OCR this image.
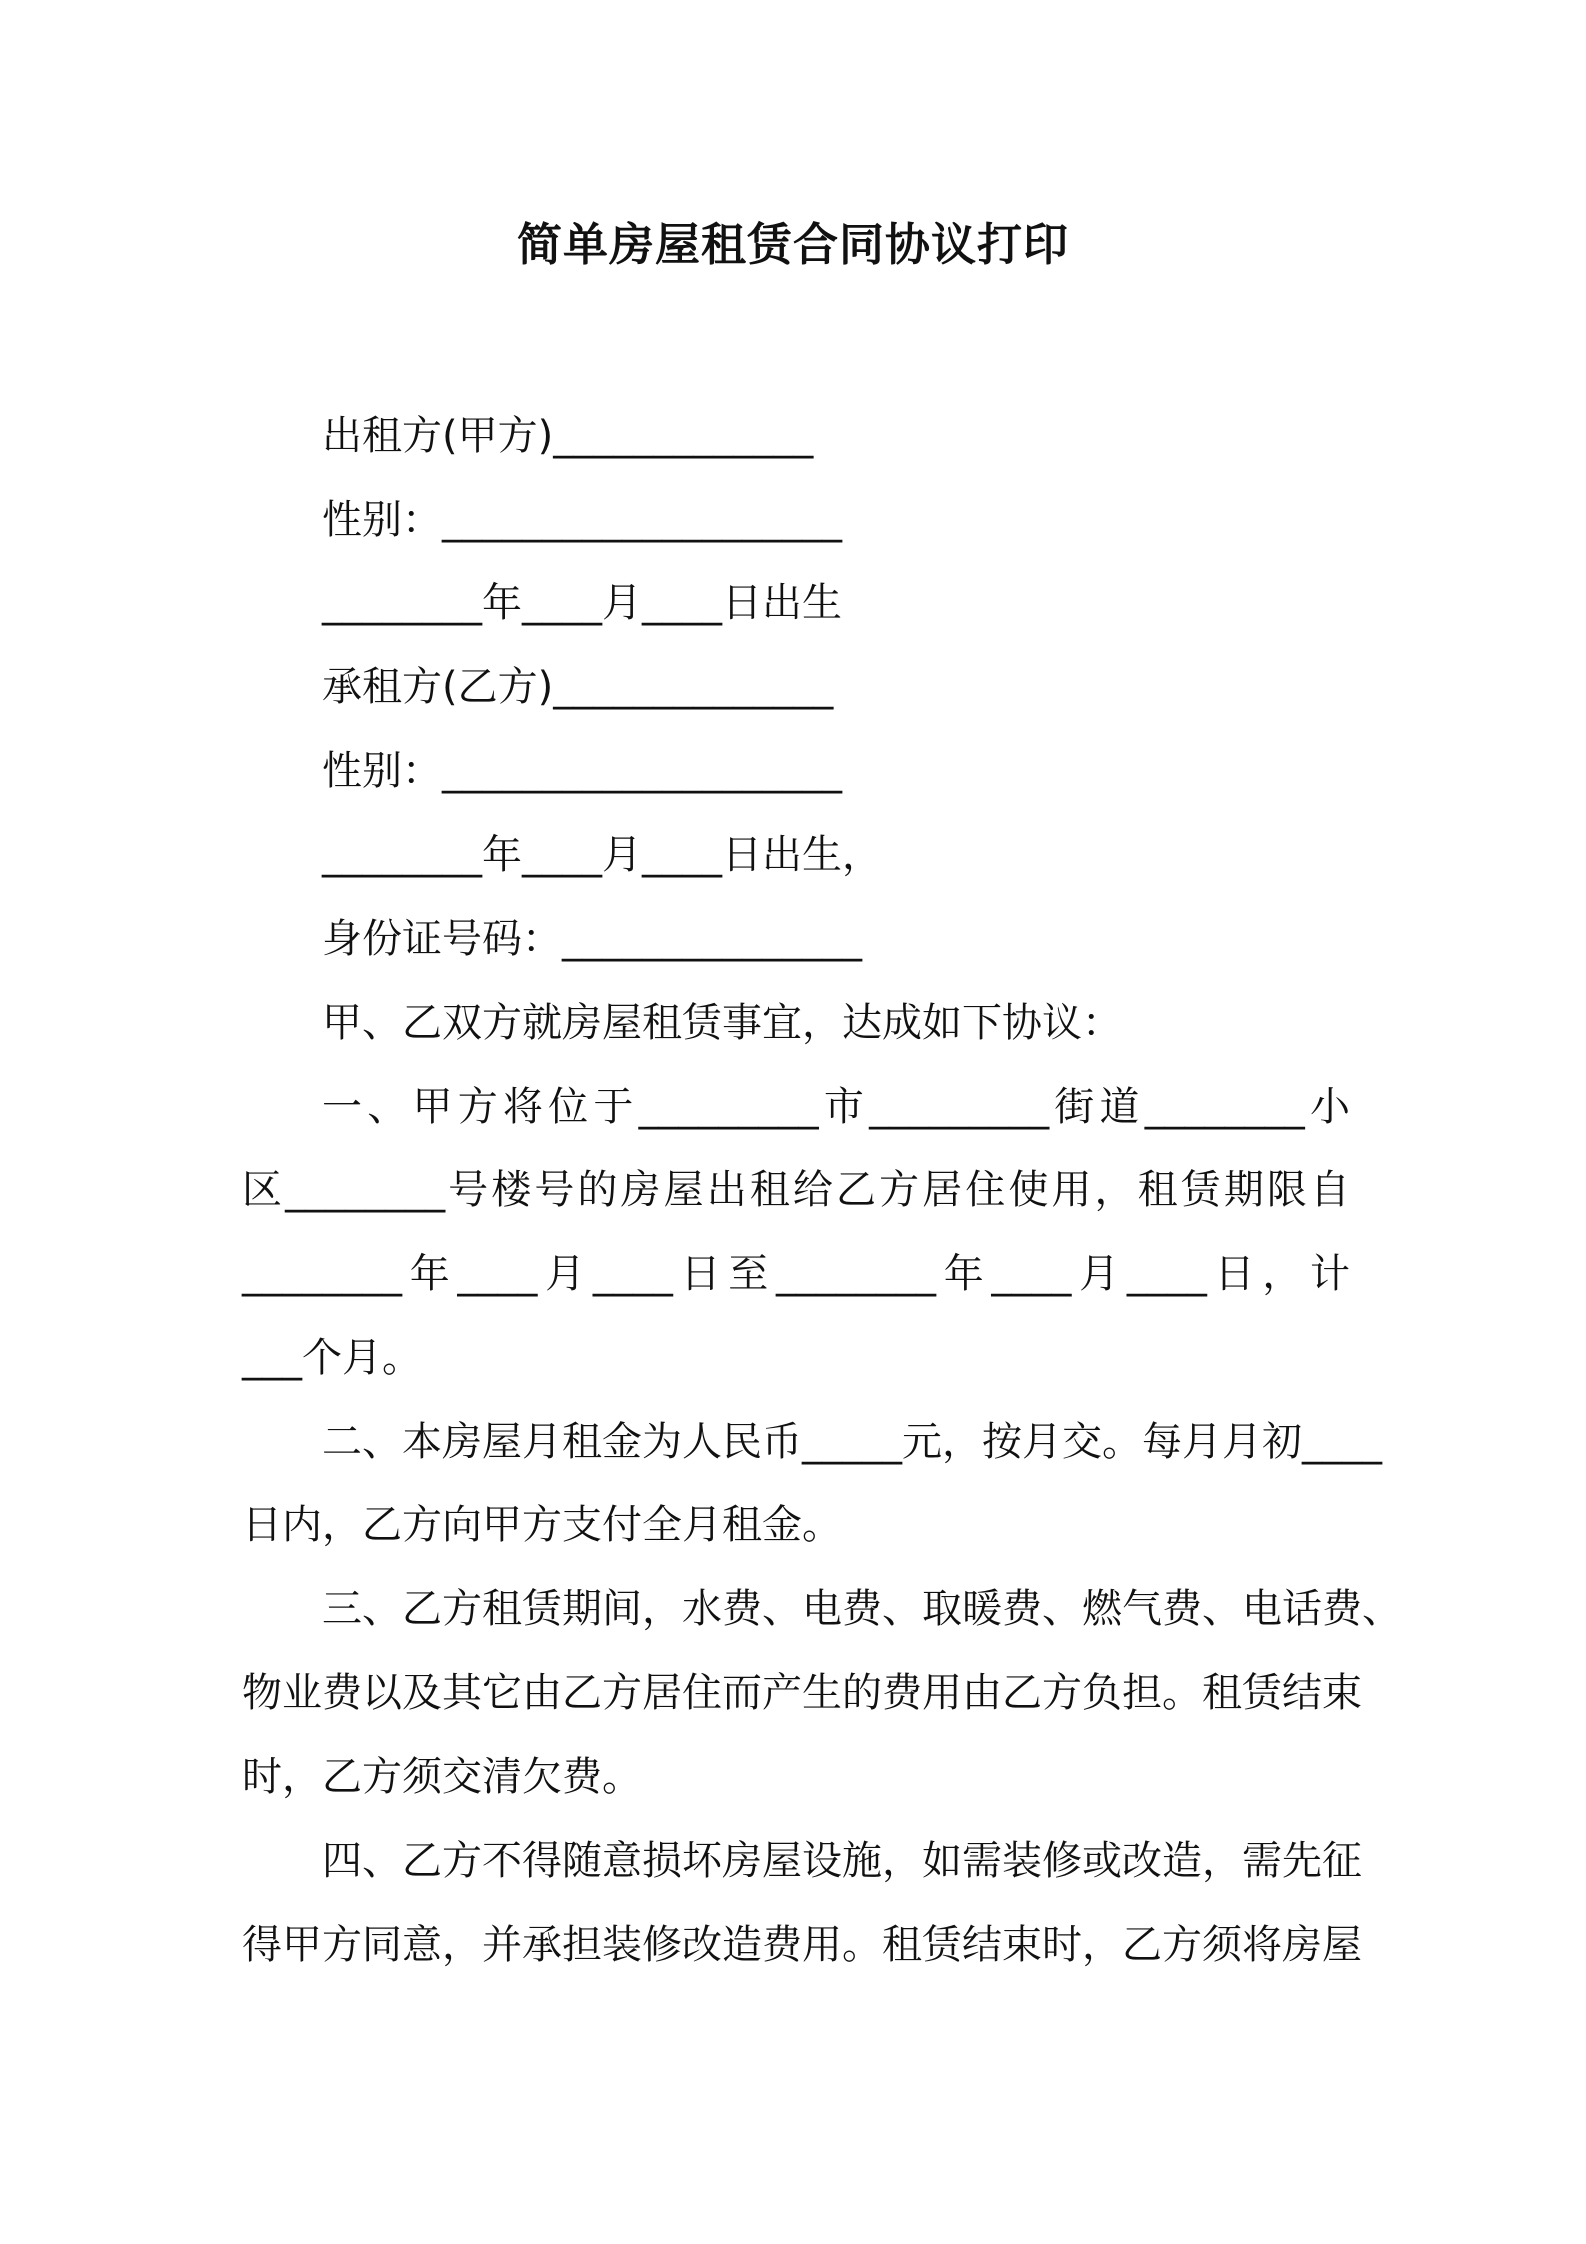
简单房屋租赁合同协议打印
出租方(甲方)_____________
性别：____________________
________年____月____日出生
承租方(乙方)______________
性别：____________________
________年____月____日出生，
身份证号码：_______________
甲、乙双方就房屋租赁事宜，达成如下协议：
一、甲方将位于_________市_________街道________小
区________号楼号的房屋出租给乙方居住使用，租赁期限自
________年____月____日至________年____月____日，计
___个月。
二、本房屋月租金为人民币_____元，按月交。每月月初____
日内，乙方向甲方支付全月租金。
三、乙方租赁期间，水费、电费、取暖费、燃气费、电话费、
物业费以及其它由乙方居住而产生的费用由乙方负担。租赁结束
时，乙方须交清欠费。
四、乙方不得随意损坏房屋设施，如需装修或改造，需先征
得甲方同意，并承担装修改造费用。租赁结束时，乙方须将房屋
